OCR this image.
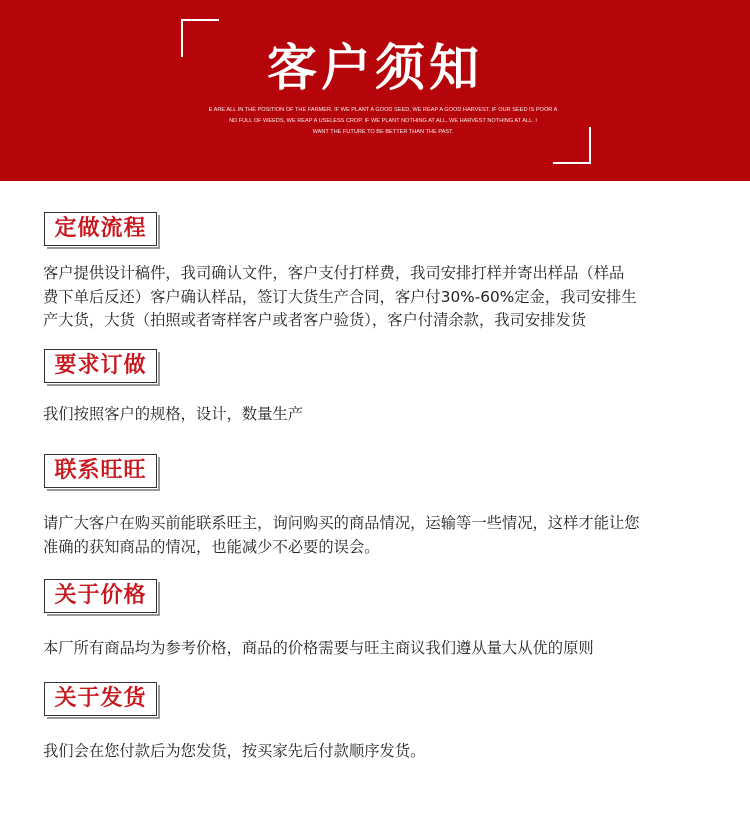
客户须知
E ARE ALL IN THE POSITION OF THE FARMER. IF WE PLANT A GOOD SEED, WE REAP A GOOD HARVEST. IF OUR SEED IS POOR A
ND FULL OF WEEDS, WE REAP A USELESS CROP. IF WE PLANT NOTHING AT ALL, WE HARVEST NOTHING AT ALL. I
WANT THE FUTURE TO BE BETTER THAN THE PAST.
定做流程
客户提供设计稿件，我司确认文件，客户支付打样费，我司安排打样并寄出样品（样品
费下单后反还）客户确认样品，签订大货生产合同，客户付30%-60%定金，我司安排生
产大货，大货（拍照或者寄样客户或者客户验货），客户付清余款，我司安排发货
要求订做
我们按照客户的规格，设计，数量生产
联系旺旺
请广大客户在购买前能联系旺主，询问购买的商品情况，运输等一些情况，这样才能让您
准确的获知商品的情况，也能减少不必要的误会。
关于价格
本厂所有商品均为参考价格，商品的价格需要与旺主商议我们遵从量大从优的原则
关于发货
我们会在您付款后为您发货，按买家先后付款顺序发货。
